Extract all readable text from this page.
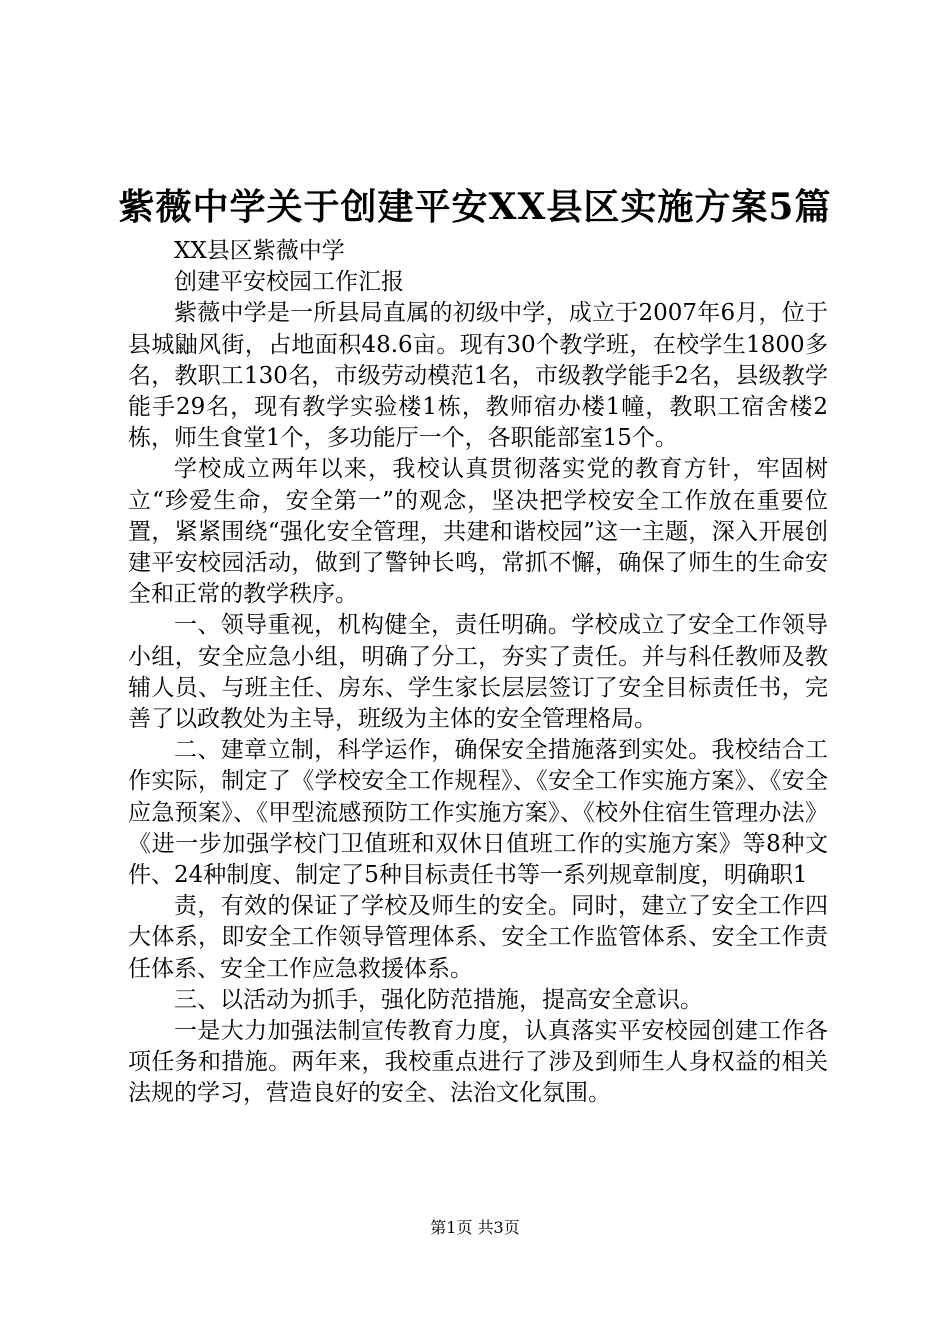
紫薇中学关于创建平安XX县区实施方案5篇

XX县区紫薇中学

创建平安校园工作汇报

紫薇中学是一所县局直属的初级中学，成立于2007年6月，位于县城鼬风街，占地面积48.6亩。现有30个教学班，在校学生1800多名，教职工130名，市级劳动模范1名，市级教学能手2名，县级教学能手29名，现有教学实验楼1栋，教师宿办楼1幢，教职工宿舍楼2栋，师生食堂1个，多功能厅一个，各职能部室15个。

学校成立两年以来，我校认真贯彻落实党的教育方针，牢固树立“珍爱生命，安全第一”的观念，坚决把学校安全工作放在重要位置，紧紧围绕“强化安全管理，共建和谐校园”这一主题，深入开展创建平安校园活动，做到了警钟长鸣，常抓不懈，确保了师生的生命安全和正常的教学秩序。

一、领导重视，机构健全，责任明确。学校成立了安全工作领导小组，安全应急小组，明确了分工，夯实了责任。并与科任教师及教辅人员、与班主任、房东、学生家长层层签订了安全目标责任书，完善了以政教处为主导，班级为主体的安全管理格局。

二、建章立制，科学运作，确保安全措施落到实处。我校结合工作实际，制定了《学校安全工作规程》、《安全工作实施方案》、《安全应急预案》、《甲型流感预防工作实施方案》、《校外住宿生管理办法》《进一步加强学校门卫值班和双休日值班工作的实施方案》等8种文件、24种制度、制定了5种目标责任书等一系列规章制度，明确职1

责，有效的保证了学校及师生的安全。同时，建立了安全工作四大体系，即安全工作领导管理体系、安全工作监管体系、安全工作责任体系、安全工作应急救援体系。

三、以活动为抓手，强化防范措施，提高安全意识。

一是大力加强法制宣传教育力度，认真落实平安校园创建工作各项任务和措施。两年来，我校重点进行了涉及到师生人身权益的相关法规的学习，营造良好的安全、法治文化氛围。

第1页 共3页
